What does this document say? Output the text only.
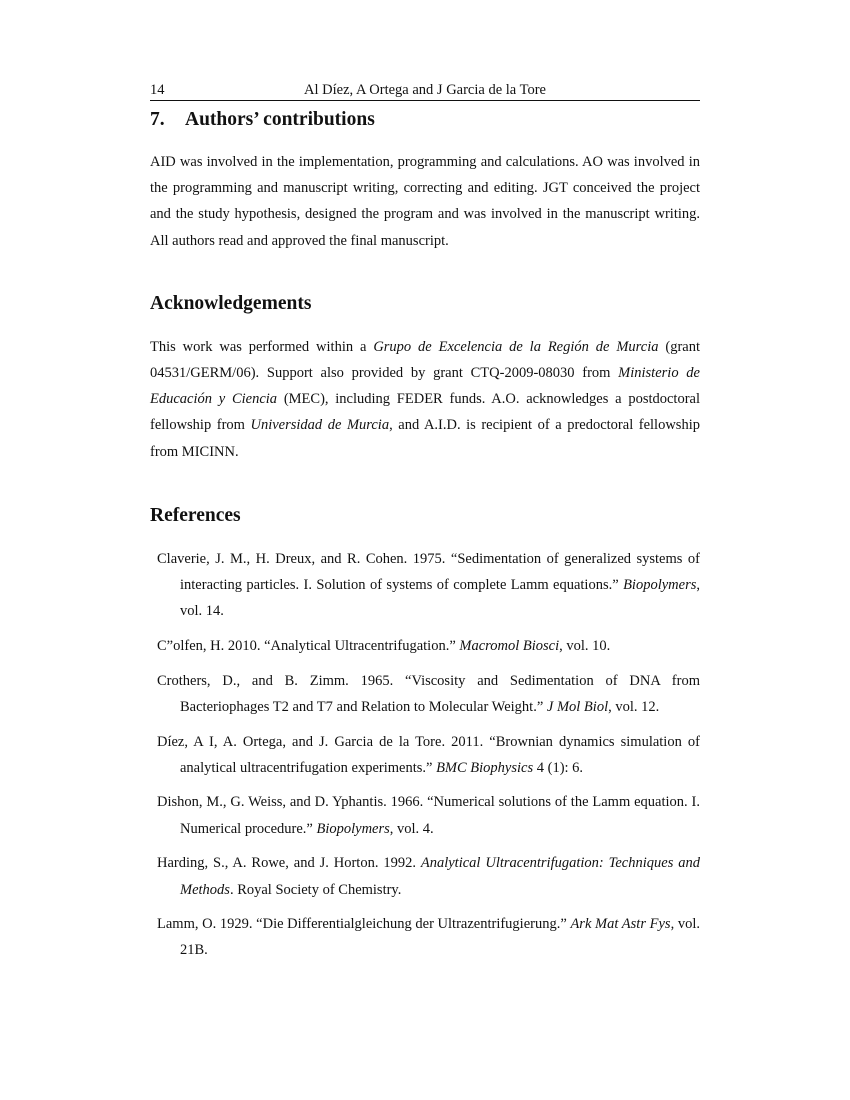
14	Al Díez, A Ortega and J Garcia de la Tore
7. Authors’ contributions

AID was involved in the implementation, programming and calculations. AO was involved in the programming and manuscript writing, correcting and editing. JGT conceived the project and the study hypothesis, designed the program and was involved in the manuscript writing. All authors read and approved the final manuscript.

Acknowledgements

This work was performed within a Grupo de Excelencia de la Región de Murcia (grant 04531/GERM/06). Support also provided by grant CTQ-2009-08030 from Ministerio de Educación y Ciencia (MEC), including FEDER funds. A.O. acknowledges a postdoctoral fellowship from Universidad de Murcia, and A.I.D. is recipient of a predoctoral fellowship from MICINN.

References
Claverie, J. M., H. Dreux, and R. Cohen. 1975. “Sedimentation of generalized systems of interacting particles. I. Solution of systems of complete Lamm equations.” Biopolymers, vol. 14.
C”olfen, H. 2010. “Analytical Ultracentrifugation.” Macromol Biosci, vol. 10.
Crothers, D., and B. Zimm. 1965. “Viscosity and Sedimentation of DNA from Bacteriophages T2 and T7 and Relation to Molecular Weight.” J Mol Biol, vol. 12.
Díez, A I, A. Ortega, and J. Garcia de la Tore. 2011. “Brownian dynamics simulation of analytical ultracentrifugation experiments.” BMC Biophysics 4 (1): 6.
Dishon, M., G. Weiss, and D. Yphantis. 1966. “Numerical solutions of the Lamm equation. I. Numerical procedure.” Biopolymers, vol. 4.
Harding, S., A. Rowe, and J. Horton. 1992. Analytical Ultracentrifugation: Techniques and Methods. Royal Society of Chemistry.
Lamm, O. 1929. “Die Differentialgleichung der Ultrazentrifugierung.” Ark Mat Astr Fys, vol. 21B.
